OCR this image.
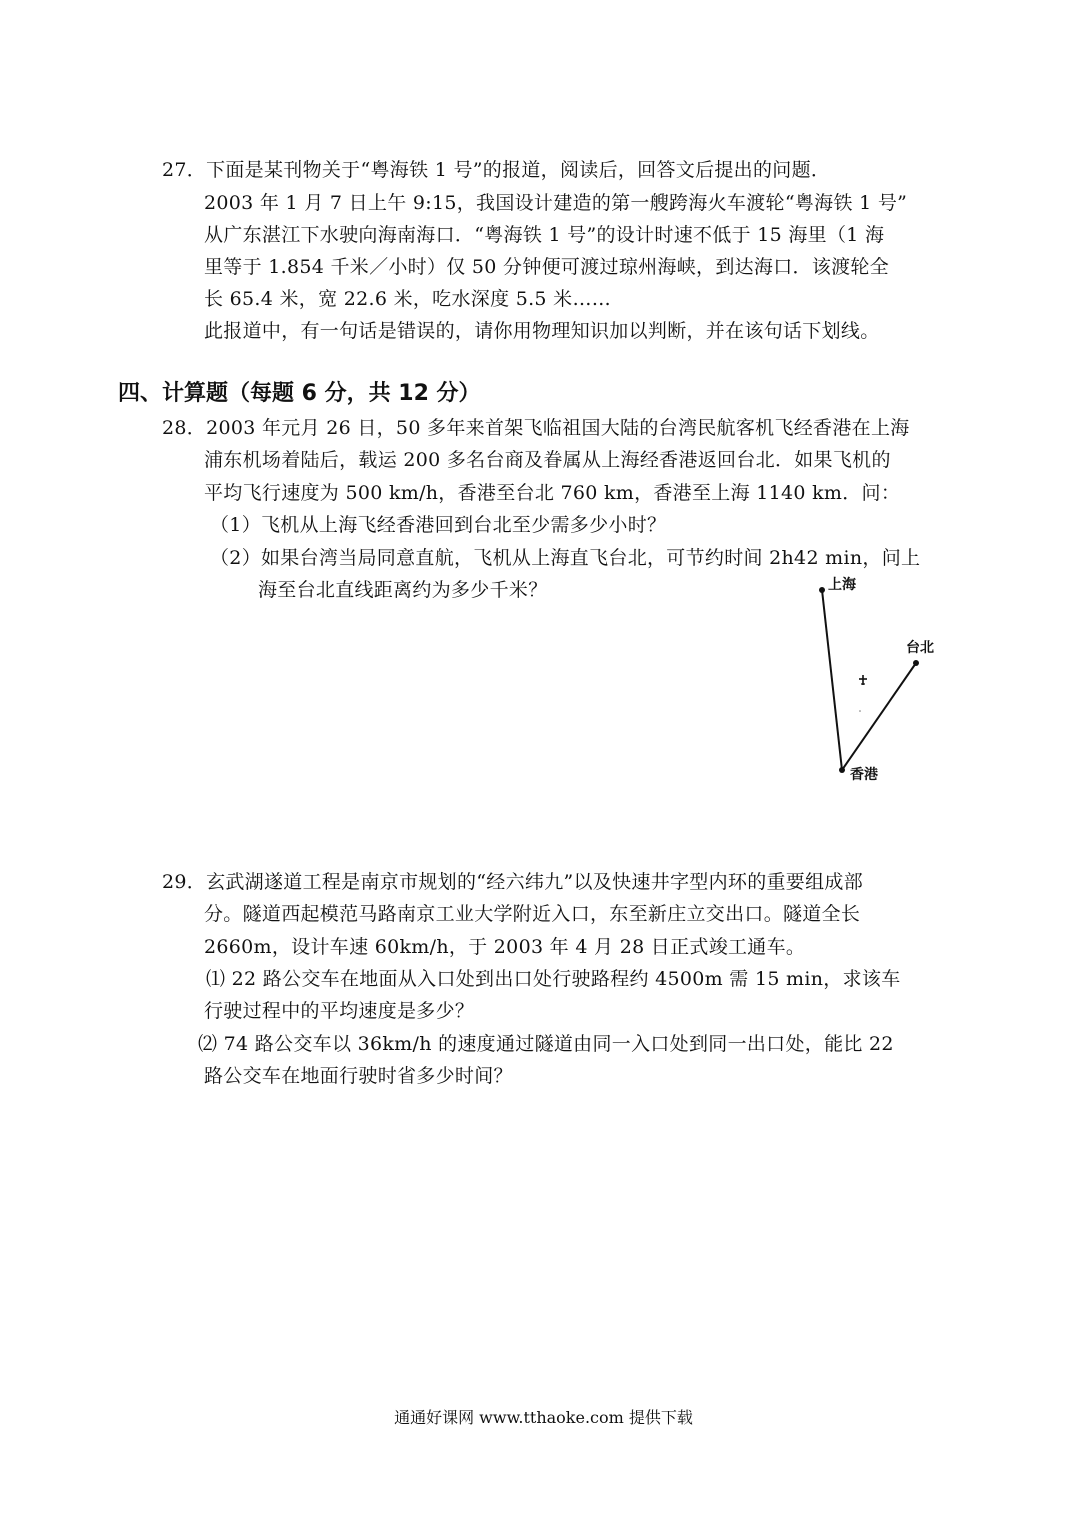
27．下面是某刊物关于“粤海铁 1 号”的报道，阅读后，回答文后提出的问题．
2003 年 1 月 7 日上午 9:15，我国设计建造的第一艘跨海火车渡轮“粤海铁 1 号”
从广东湛江下水驶向海南海口．“粤海铁 1 号”的设计时速不低于 15 海里（1 海
里等于 1.854 千米／小时）仅 50 分钟便可渡过琼州海峡，到达海口．该渡轮全
长 65.4 米，宽 22.6 米，吃水深度 5.5 米……
此报道中，有一句话是错误的，请你用物理知识加以判断，并在该句话下划线。
四、计算题（每题 6 分，共 12 分）
28．2003 年元月 26 日，50 多年来首架飞临祖国大陆的台湾民航客机飞经香港在上海
浦东机场着陆后，载运 200 多名台商及眷属从上海经香港返回台北．如果飞机的
平均飞行速度为 500 km/h，香港至台北 760 km，香港至上海 1140 km．问：
（1）飞机从上海飞经香港回到台北至少需多少小时？
（2）如果台湾当局同意直航，飞机从上海直飞台北，可节约时间 2h42 min，问上
海至台北直线距离约为多少千米？	上海
台北
香港
29．玄武湖遂道工程是南京市规划的“经六纬九”以及快速井字型内环的重要组成部
分。隧道西起模范马路南京工业大学附近入口，东至新庄立交出口。隧道全长
2660m，设计车速 60km/h，于 2003 年 4 月 28 日正式竣工通车。
⑴ 22 路公交车在地面从入口处到出口处行驶路程约 4500m 需 15 min，求该车
行驶过程中的平均速度是多少？
⑵ 74 路公交车以 36km/h 的速度通过隧道由同一入口处到同一出口处，能比 22
路公交车在地面行驶时省多少时间？
通通好课网 www.tthaoke.com 提供下载
